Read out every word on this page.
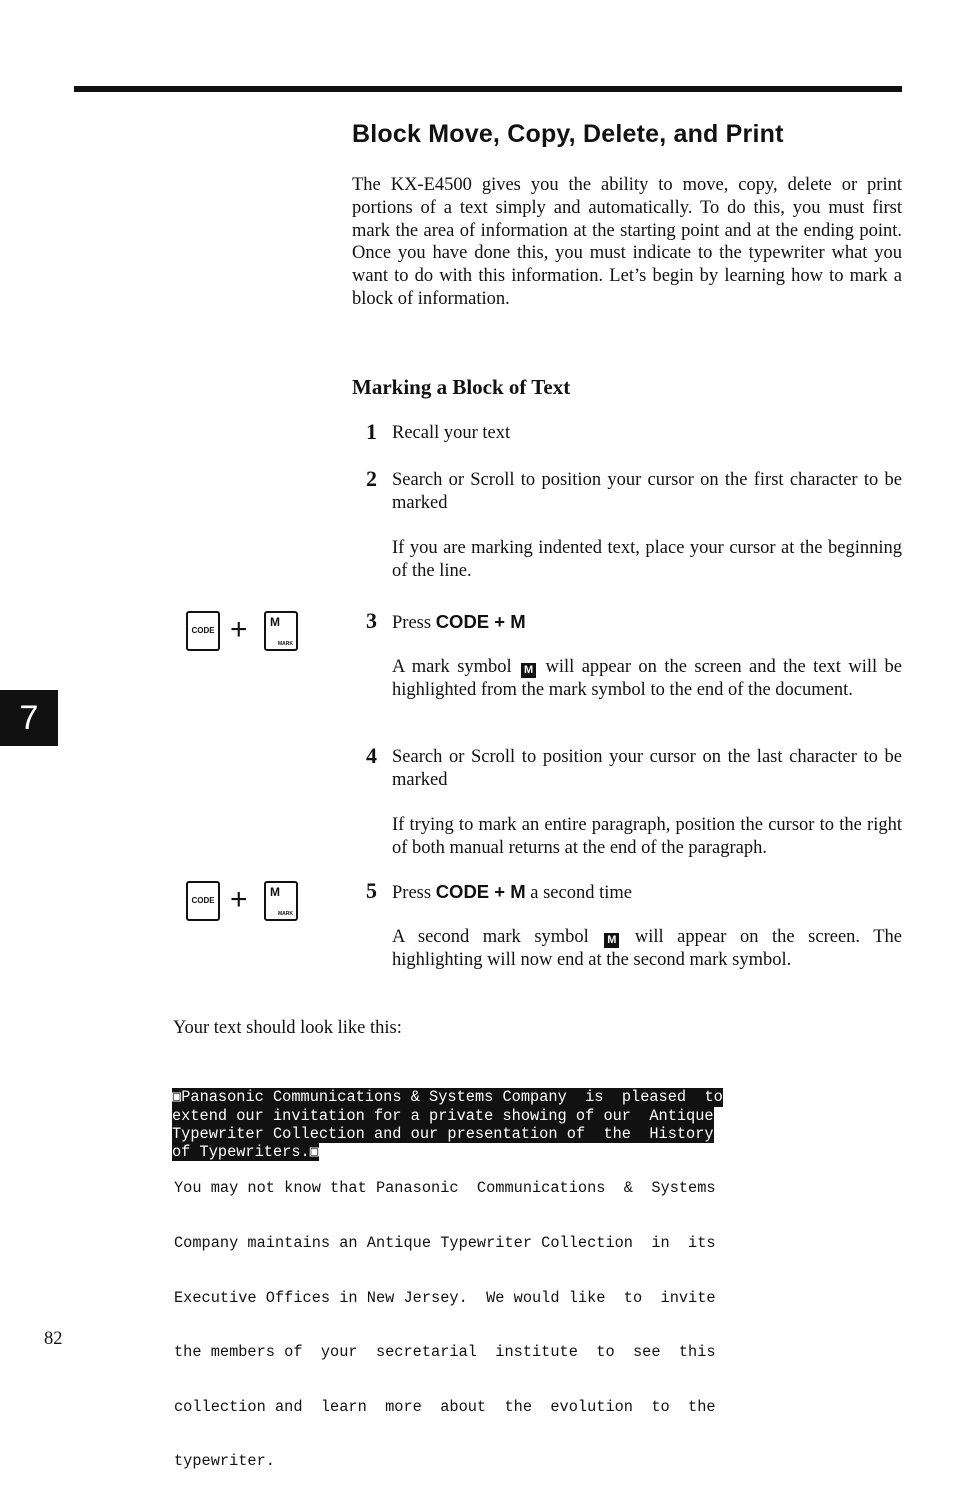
Block Move, Copy, Delete, and Print

The KX-E4500 gives you the ability to move, copy, delete or print portions of a text simply and automatically. To do this, you must first mark the area of information at the starting point and at the ending point. Once you have done this, you must indicate to the typewriter what you want to do with this information. Let’s begin by learning how to mark a block of information.

Marking a Block of Text
1 Recall your text

2 Search or Scroll to position your cursor on the first character to be marked

If you are marking indented text, place your cursor at the beginning of the line.

CODE + M
MARK
3 Press CODE + M

A mark symbol M will appear on the screen and the text will be highlighted from the mark symbol to the end of the document.

7
4 Search or Scroll to position your cursor on the last character to be marked

If trying to mark an entire paragraph, position the cursor to the right of both manual returns at the end of the paragraph.

CODE + M
MARK
5 Press CODE + M a second time

A second mark symbol M will appear on the screen. The highlighting will now end at the second mark symbol.

Your text should look like this:

▣Panasonic Communications & Systems Company  is  pleased  to
extend our invitation for a private showing of our  Antique
Typewriter Collection and our presentation of  the  History
of Typewriters.▣

You may not know that Panasonic  Communications  &  Systems

Company maintains an Antique Typewriter Collection  in  its

Executive Offices in New Jersey.  We would like  to  invite

the members of  your  secretarial  institute  to  see  this

collection and  learn  more  about  the  evolution  to  the

typewriter.

82
